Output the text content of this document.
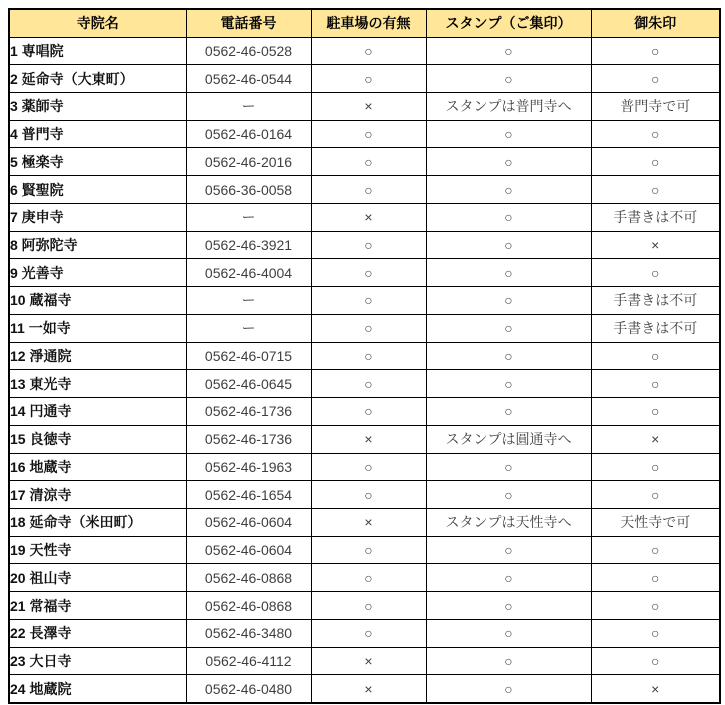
寺院名	電話番号	駐車場の有無	スタンプ（ご集印）	御朱印
1 専唱院	0562-46-0528	○	○	○
2 延命寺（大東町）	0562-46-0544	○	○	○
3 薬師寺	ー	×	スタンプは普門寺へ	普門寺で可
4 普門寺	0562-46-0164	○	○	○
5 極楽寺	0562-46-2016	○	○	○
6 賢聖院	0566-36-0058	○	○	○
7 庚申寺	ー	×	○	手書きは不可
8 阿弥陀寺	0562-46-3921	○	○	×
9 光善寺	0562-46-4004	○	○	○
10 蔵福寺	ー	○	○	手書きは不可
11 一如寺	ー	○	○	手書きは不可
12 淨通院	0562-46-0715	○	○	○
13 東光寺	0562-46-0645	○	○	○
14 円通寺	0562-46-1736	○	○	○
15 良徳寺	0562-46-1736	×	スタンプは圓通寺へ	×
16 地蔵寺	0562-46-1963	○	○	○
17 清涼寺	0562-46-1654	○	○	○
18 延命寺（米田町）	0562-46-0604	×	スタンプは天性寺へ	天性寺で可
19 天性寺	0562-46-0604	○	○	○
20 祖山寺	0562-46-0868	○	○	○
21 常福寺	0562-46-0868	○	○	○
22 長澤寺	0562-46-3480	○	○	○
23 大日寺	0562-46-4112	×	○	○
24 地蔵院	0562-46-0480	×	○	×
